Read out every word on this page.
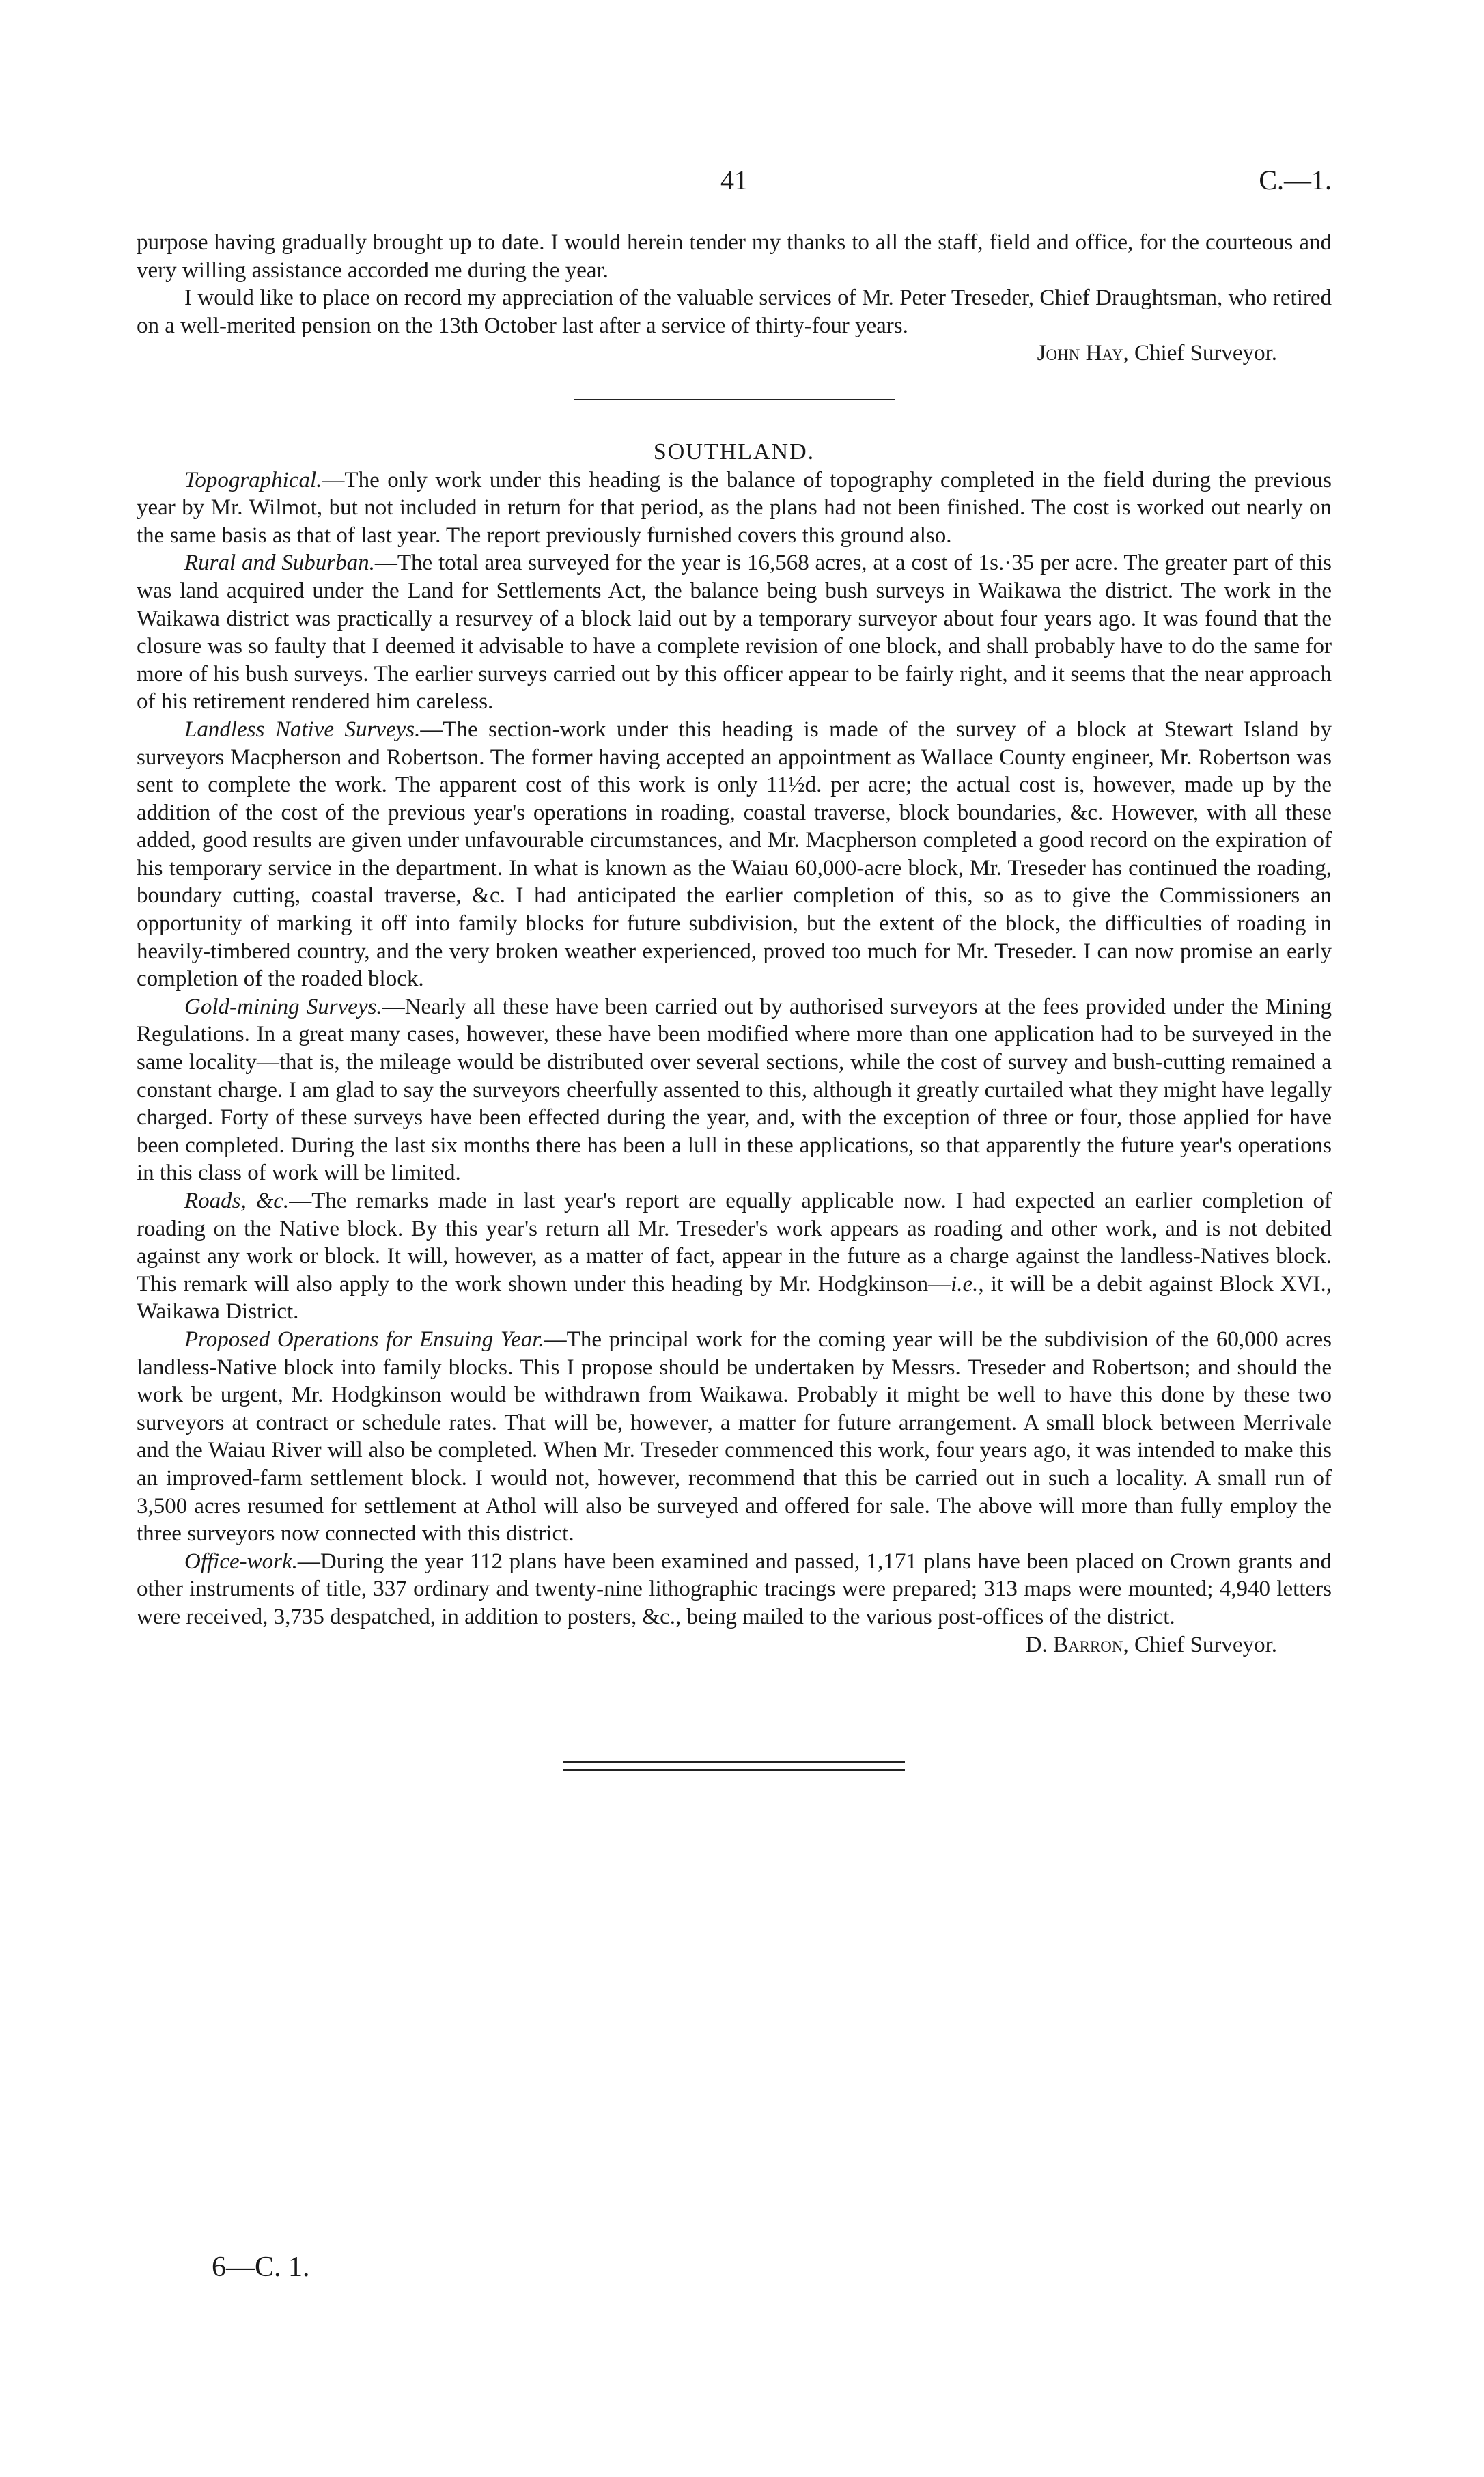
41	C.—1.

purpose having gradually brought up to date. I would herein tender my thanks to all the staff, field and office, for the courteous and very willing assistance accorded me during the year.

I would like to place on record my appreciation of the valuable services of Mr. Peter Treseder, Chief Draughtsman, who retired on a well-merited pension on the 13th October last after a service of thirty-four years.

John Hay, Chief Surveyor.

SOUTHLAND.

Topographical.—The only work under this heading is the balance of topography completed in the field during the previous year by Mr. Wilmot, but not included in return for that period, as the plans had not been finished. The cost is worked out nearly on the same basis as that of last year. The report previously furnished covers this ground also.

Rural and Suburban.—The total area surveyed for the year is 16,568 acres, at a cost of 1s.·35 per acre. The greater part of this was land acquired under the Land for Settlements Act, the balance being bush surveys in Waikawa the district. The work in the Waikawa district was practically a resurvey of a block laid out by a temporary surveyor about four years ago. It was found that the closure was so faulty that I deemed it advisable to have a complete revision of one block, and shall probably have to do the same for more of his bush surveys. The earlier surveys carried out by this officer appear to be fairly right, and it seems that the near approach of his retirement rendered him careless.

Landless Native Surveys.—The section-work under this heading is made of the survey of a block at Stewart Island by surveyors Macpherson and Robertson. The former having accepted an appointment as Wallace County engineer, Mr. Robertson was sent to complete the work. The apparent cost of this work is only 11½d. per acre; the actual cost is, however, made up by the addition of the cost of the previous year's operations in roading, coastal traverse, block boundaries, &c. However, with all these added, good results are given under unfavourable circumstances, and Mr. Macpherson completed a good record on the expiration of his temporary service in the department. In what is known as the Waiau 60,000-acre block, Mr. Treseder has continued the roading, boundary cutting, coastal traverse, &c. I had anticipated the earlier completion of this, so as to give the Commissioners an opportunity of marking it off into family blocks for future subdivision, but the extent of the block, the difficulties of roading in heavily-timbered country, and the very broken weather experienced, proved too much for Mr. Treseder. I can now promise an early completion of the roaded block.

Gold-mining Surveys.—Nearly all these have been carried out by authorised surveyors at the fees provided under the Mining Regulations. In a great many cases, however, these have been modified where more than one application had to be surveyed in the same locality—that is, the mileage would be distributed over several sections, while the cost of survey and bush-cutting remained a constant charge. I am glad to say the surveyors cheerfully assented to this, although it greatly curtailed what they might have legally charged. Forty of these surveys have been effected during the year, and, with the exception of three or four, those applied for have been completed. During the last six months there has been a lull in these applications, so that apparently the future year's operations in this class of work will be limited.

Roads, &c.—The remarks made in last year's report are equally applicable now. I had expected an earlier completion of roading on the Native block. By this year's return all Mr. Treseder's work appears as roading and other work, and is not debited against any work or block. It will, however, as a matter of fact, appear in the future as a charge against the landless-Natives block. This remark will also apply to the work shown under this heading by Mr. Hodgkinson—i.e., it will be a debit against Block XVI., Waikawa District.

Proposed Operations for Ensuing Year.—The principal work for the coming year will be the subdivision of the 60,000 acres landless-Native block into family blocks. This I propose should be undertaken by Messrs. Treseder and Robertson; and should the work be urgent, Mr. Hodgkinson would be withdrawn from Waikawa. Probably it might be well to have this done by these two surveyors at contract or schedule rates. That will be, however, a matter for future arrangement. A small block between Merrivale and the Waiau River will also be completed. When Mr. Treseder commenced this work, four years ago, it was intended to make this an improved-farm settlement block. I would not, however, recommend that this be carried out in such a locality. A small run of 3,500 acres resumed for settlement at Athol will also be surveyed and offered for sale. The above will more than fully employ the three surveyors now connected with this district.

Office-work.—During the year 112 plans have been examined and passed, 1,171 plans have been placed on Crown grants and other instruments of title, 337 ordinary and twenty-nine lithographic tracings were prepared; 313 maps were mounted; 4,940 letters were received, 3,735 despatched, in addition to posters, &c., being mailed to the various post-offices of the district.

D. Barron, Chief Surveyor.

6—C. 1.
